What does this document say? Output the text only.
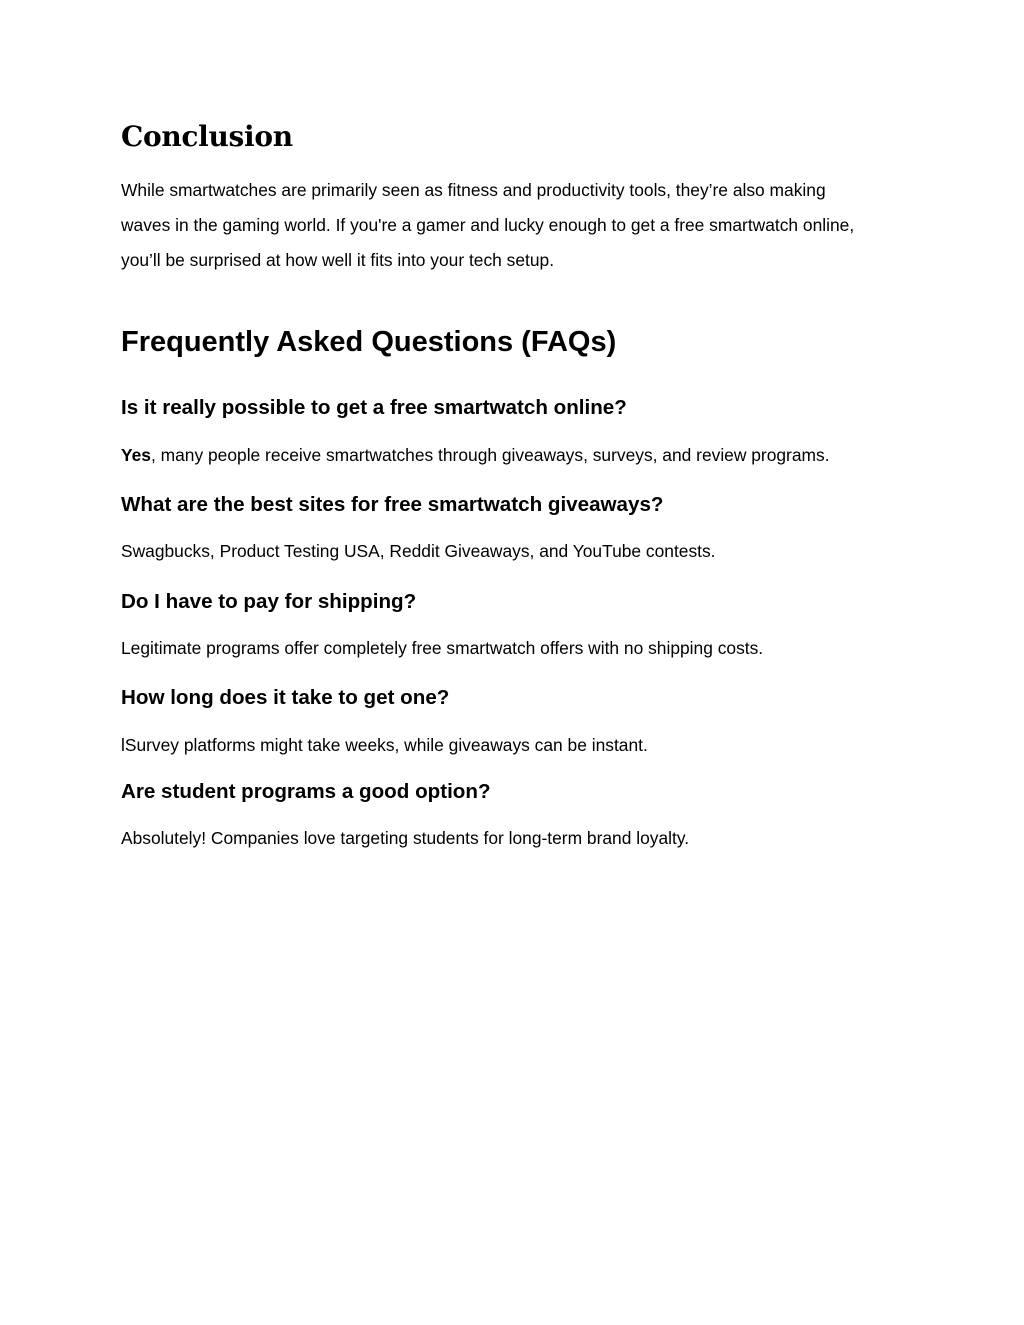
Conclusion

While smartwatches are primarily seen as fitness and productivity tools, they’re also making
waves in the gaming world. If you're a gamer and lucky enough to get a free smartwatch online,
you’ll be surprised at how well it fits into your tech setup.

Frequently Asked Questions (FAQs)
Is it really possible to get a free smartwatch online?

Yes, many people receive smartwatches through giveaways, surveys, and review programs.

What are the best sites for free smartwatch giveaways?

Swagbucks, Product Testing USA, Reddit Giveaways, and YouTube contests.

Do I have to pay for shipping?

Legitimate programs offer completely free smartwatch offers with no shipping costs.

How long does it take to get one?

lSurvey platforms might take weeks, while giveaways can be instant.

Are student programs a good option?

Absolutely! Companies love targeting students for long-term brand loyalty.
